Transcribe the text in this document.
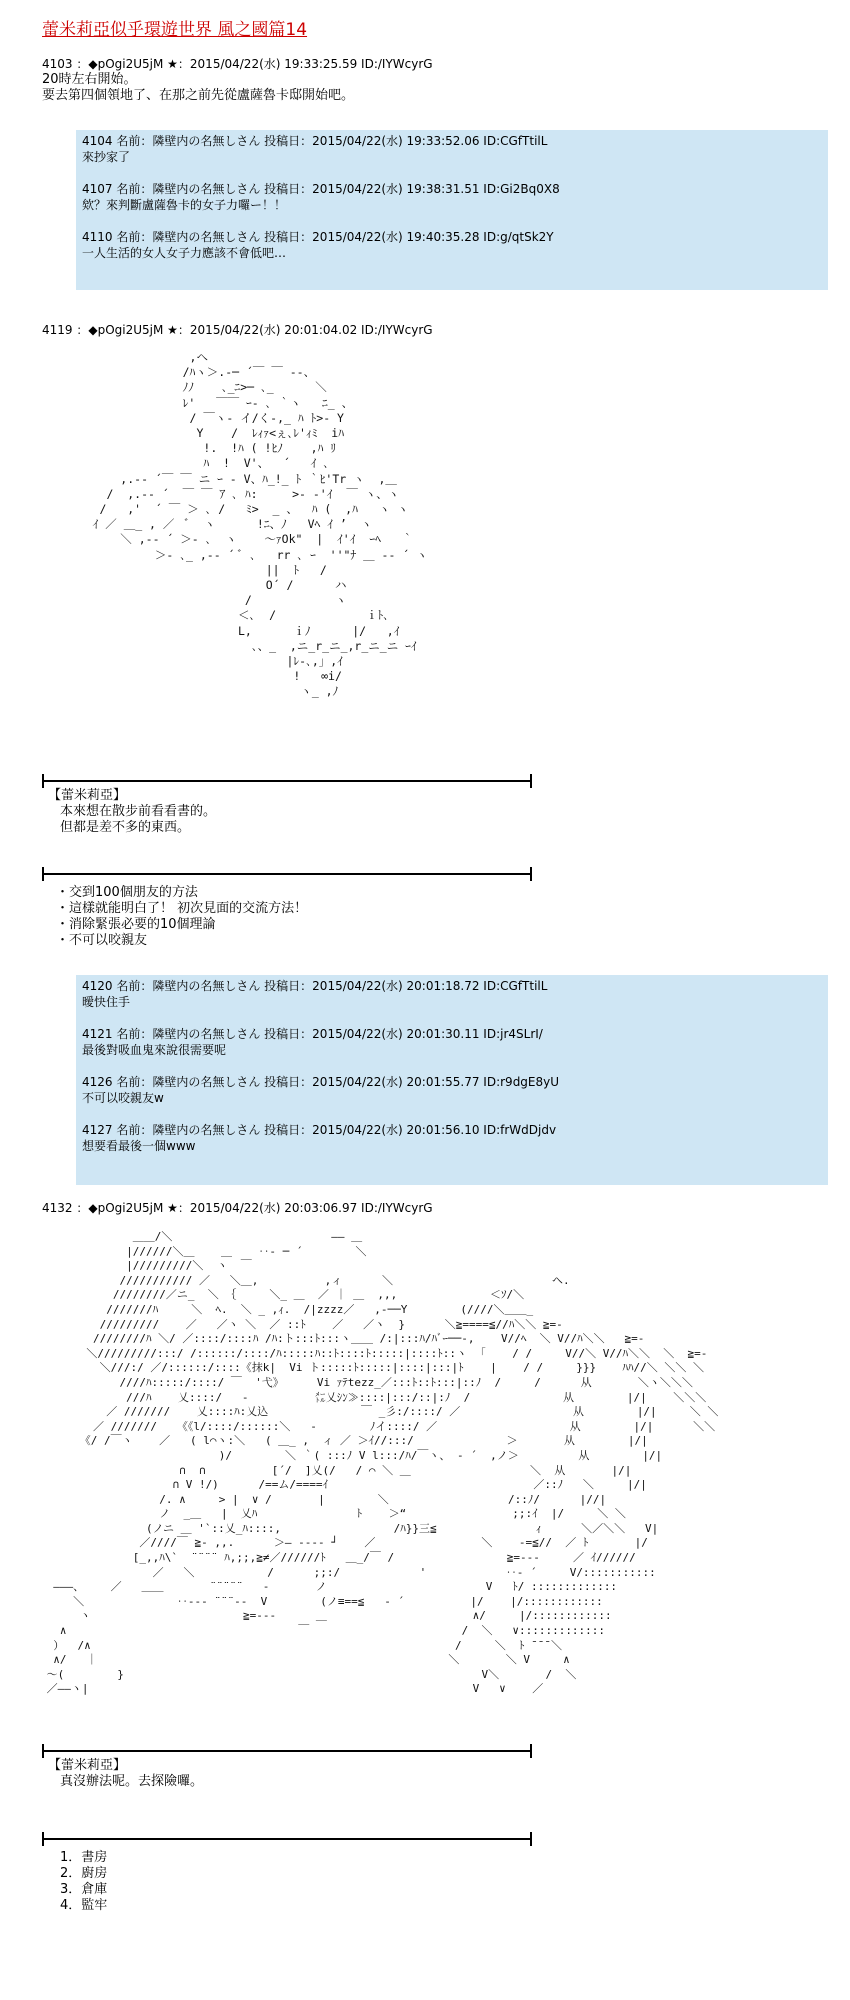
蕾米莉亞似乎環遊世界 風之國篇14
4103 ：◆pOgi2U5jM ★：2015/04/22(水) 19:33:25.59 ID:/IYWcyrG
20時左右開始。
要去第四個領地了、在那之前先從盧薩魯卡邸開始吧。
4104 名前：隣壁内の名無しさん 投稿日：2015/04/22(水) 19:33:52.06 ID:CGfTtilL
來抄家了
4107 名前：隣壁内の名無しさん 投稿日：2015/04/22(水) 19:38:31.51 ID:Gi2Bq0X8
欸？來判斷盧薩魯卡的女子力囉ー！！
4110 名前：隣壁内の名無しさん 投稿日：2015/04/22(水) 19:40:35.28 ID:g/qtSk2Y
一人生活的女人女子力應該不會低吧…
4119 ：◆pOgi2U5jM ★：2015/04/22(水) 20:01:04.02 ID:/IYWcyrG
,へ
/ﾊヽ＞.-─ ´￣ ￣ ‐-、
ﾉﾉ    ､_ﾆ>─ ､_      ＼
ﾚ'   ￣￣ ｰ- ､ ｀ヽ   ﾆ_ 、
/ ￣ヽ‐ イ/く‐,_ ﾊ ﾄ>‐ Y
Y    /  ﾚｨｧ<ぇ､ﾚ'ｨﾐ  iﾊ
!.  !ﾊ ( !ﾋﾉ    ,ﾊ ﾘ
ﾊ  !  V'、  ´   ｲ ､
,.-‐ ´￣ ￣ ニ ｰ ‐ V、ﾊ_!_ ﾄ ｀ﾋ'Tr ヽ  ,＿
/  ,.-‐ ´  ￣ ￣ ｱ ､ ﾊ:     >‐ ‐'ｲ  ￣ ヽ、ヽ
/   ,'  ´ ￣ ＞ ､ /   ﾐ>  _ 、  ﾊ (  ,ﾊ   ヽ ヽ
ｲ ／ ＿_ , ／  ﾞ  ヽ      !ﾆ、ﾉ   Vﾍ ｲ ’  ヽ
＼ ,-‐ ´ ＞- ､  ヽ    ～ｧOk"  |  ｲ'ｲ  ｰﾍ   ｀
＞- ､_ ,-‐ ´ ﾞ ､   rr ､ ｰ  ''"ﾅ ＿ -‐ ´ ヽ
||  ﾄ   /
O´ /      ハ
/            ヽ
＜､  /             ｉﾄ､
L,      ｉﾉ      |/   ,ｲ
､、_  ,ニ_r_ニ_,r_ニ_ニ ｰｲ
|ﾚ‐､,」,ｲ
!   ∞i/
ヽ_ ,ﾉ

【蕾米莉亞】
本來想在散步前看看書的。
但都是差不多的東西。
・交到100個朋友的方法
・這樣就能明白了！ 初次見面的交流方法！
・消除緊張必要的10個理論
・不可以咬親友
4120 名前：隣壁内の名無しさん 投稿日：2015/04/22(水) 20:01:18.72 ID:CGfTtilL
曖快住手
4121 名前：隣壁内の名無しさん 投稿日：2015/04/22(水) 20:01:30.11 ID:jr4SLrI/
最後對吸血鬼來說很需要呢
4126 名前：隣壁内の名無しさん 投稿日：2015/04/22(水) 20:01:55.77 ID:r9dgE8yU
不可以咬親友w
4127 名前：隣壁内の名無しさん 投稿日：2015/04/22(水) 20:01:56.10 ID:frWdDjdv
想要看最後一個www
4132 ：◆pOgi2U5jM ★：2015/04/22(水) 20:03:06.97 ID:/IYWcyrG
＿＿/＼                        ―― ＿
|//////＼＿    ＿    ‥‐ ─ ´        ＼
|/////////＼  ヽ  ￣
/////////// ／   ＼＿,          ,ィ      ＼                        ヘ.
////////／ニ_  ＼ ｛     ＼_ ＿  ／ ｜ ＿  ,,,              ＜ｿ/＼
///////ﾊ     ＼  ﾍ.  ＼ _ ,ｨ.  /|zzzz／   ,‐──Y        (////＼＿＿_
/////////    ／   ／ヽ ＼  ／ ::ﾄ    ／   ／ヽ  }      ＼≧====≦//ﾊ＼＼ ≧=-
////////ﾊ ＼/ ／::::/::::ﾊ /ﾊ:ト:::ﾄ:::ヽ＿＿ /:|:::ﾊ/ﾊﾞｰ──-,    V//ﾍ  ＼ V//ﾊ＼＼   ≧=-
＼/////////:::/ /::::::/::::/ﾊ:::::ﾊ::ﾄ::::ﾄ:::::|::::ﾄ::ヽ  ｢    / /     V//＼ V//ﾊ＼＼  ＼  ≧=-
＼///:/ ／/::::::/::::《抹k|  Vi ト:::::ﾄ:::::|::::|:::|ﾄ    |    / /     }}}    ﾊﾊ//＼ ＼＼ ＼
////ﾊ:::::/::::/ ￣  '弋》     Vi ｧﾃtezz_／:::ﾄ::ﾄ:::|::ﾉ  /     /      从       ＼ヽ＼＼＼
///ﾊ    乂::::/   ‐          ㍍乂ｼﾝ≫::::|:::/::|:ﾉ  /              从        |/|    ＼＼＼
／ ///////    乂::::ﾊ:乂込              ￣ _彡:/::::/ ／                 从        |/|     ＼ ＼
／ ///////   《《l/::::/::::::＼   ‐        ﾉイ::::/ ／                    从        |/|      ＼＼
《/ /￣ヽ    ／   ( l⌒ヽ:＼   ( ＿_ ,  ィ ／ ＞ｲ//:::/              ＞       从        |/|
)/        ＼ ｀( :::ﾉ V l:::/ﾊ/￣ヽ、 ‐ ´  ,ノ＞         从        |/|
∩  ∩          [´/  ]乂(/   / ⌒ ＼ ＿                  ＼  从       |/|
∩ V !/)      /==ム/====ｲ                               ／::ﾉ   ＼     |/|
/. ∧     > |  ∨ /       |        ＼                  /::ﾉ/      |//|
ノ  _＿   |  乂ﾊ               ﾄ    ＞“                ;;:ｲ  |/     ＼ ＼
(ノニ ＿ '`::乂_ﾊ::::,                 /ﾊ}}三≦               ｨ      ＼／＼＼   V|
／////￣ ≧- ,,.      ＞― ‐‐‐‐ ┘    ／                ＼    -=≦//  ／ ﾄ       |/
[_,,ﾊ\`  ¨¨¨¨ ﾊ,;;,≧≠／//////ﾄ   ＿_/￣ /                 ≧=---     ／ ｲ//////
／   ＼           /      ;;:/            '            ‥‐ ´     V/:::::::::::
―――、    ／   ＿＿       ¨¨¨¨¨   ‐       ノ                        V   ﾄ/ :::::::::::::
＼              ‥‐‐‐ ¨¨¨‐‐  V        (ノ≡==≦   ‐ ´          |/    |/::::::::::::
ヽ                       ≧=---      ＿                      ∧/     |/::::::::::::
∧                                   ￣                       /  ＼   ∨:::::::::::::
）  /∧                                                       /     ＼  ﾄ ̄ ̄ ̄ ＼
∧/   ｜                                                     ＼       ＼ V     ∧
～(        }                                                      V＼       /  ＼
／――ヽ|                                                          V   ∨    ／

【蕾米莉亞】
真沒辦法呢。去探險囉。
1．書房
2．廚房
3．倉庫
4．監牢
